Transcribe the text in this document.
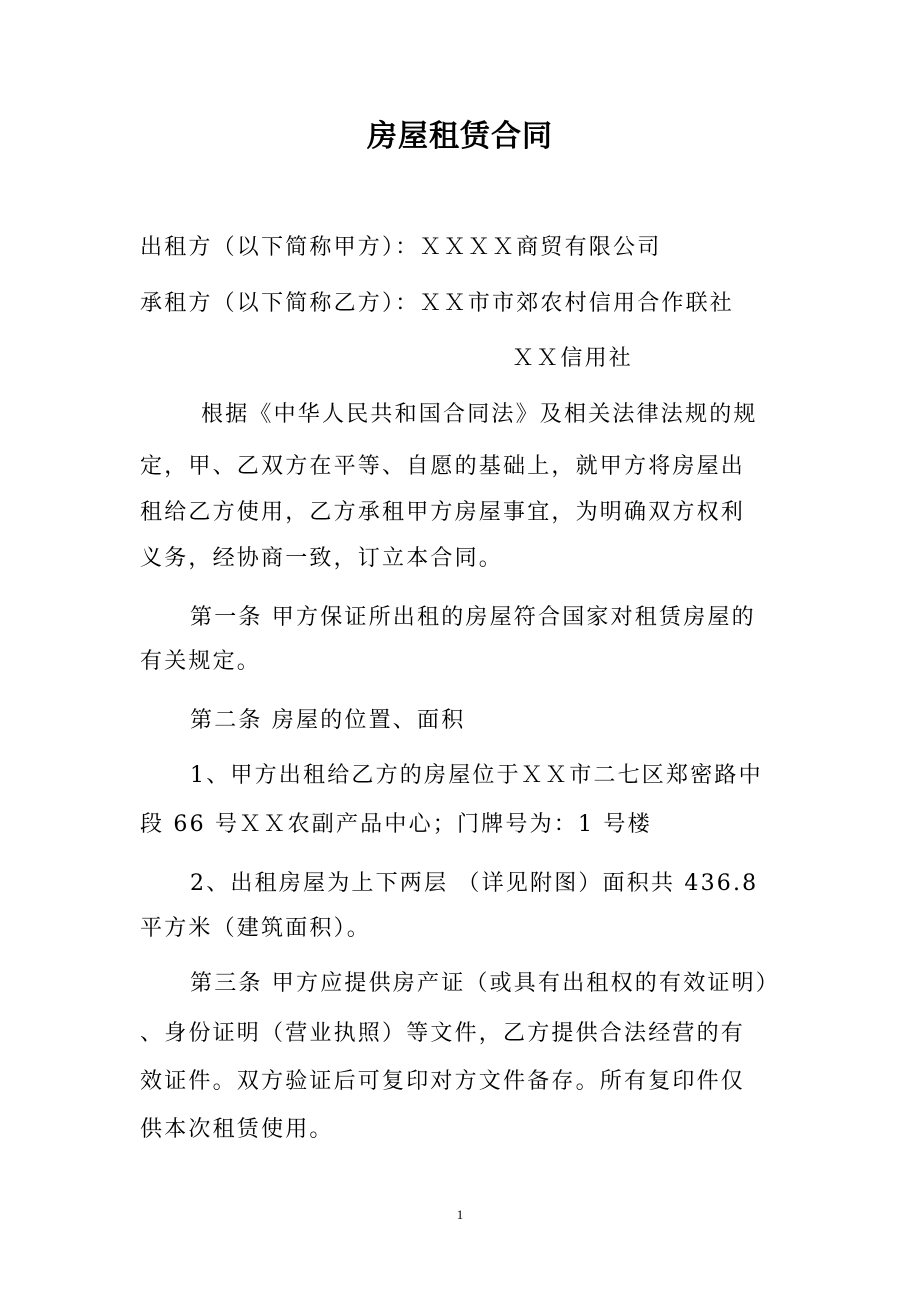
房屋租赁合同
出租方（以下简称甲方）：ＸＸＸＸ商贸有限公司
承租方（以下简称乙方）：ＸＸ市市郊农村信用合作联社
ＸＸ信用社
根据《中华人民共和国合同法》及相关法律法规的规
定，甲、乙双方在平等、自愿的基础上，就甲方将房屋出
租给乙方使用，乙方承租甲方房屋事宜，为明确双方权利
义务，经协商一致，订立本合同。
第一条 甲方保证所出租的房屋符合国家对租赁房屋的
有关规定。
第二条 房屋的位置、面积
1、甲方出租给乙方的房屋位于ＸＸ市二七区郑密路中
段 66 号ＸＸ农副产品中心；门牌号为：1 号楼
2、出租房屋为上下两层 （详见附图）面积共 436.8
平方米（建筑面积）。
第三条 甲方应提供房产证（或具有出租权的有效证明）
、身份证明（营业执照）等文件，乙方提供合法经营的有
效证件。双方验证后可复印对方文件备存。所有复印件仅
供本次租赁使用。
1
